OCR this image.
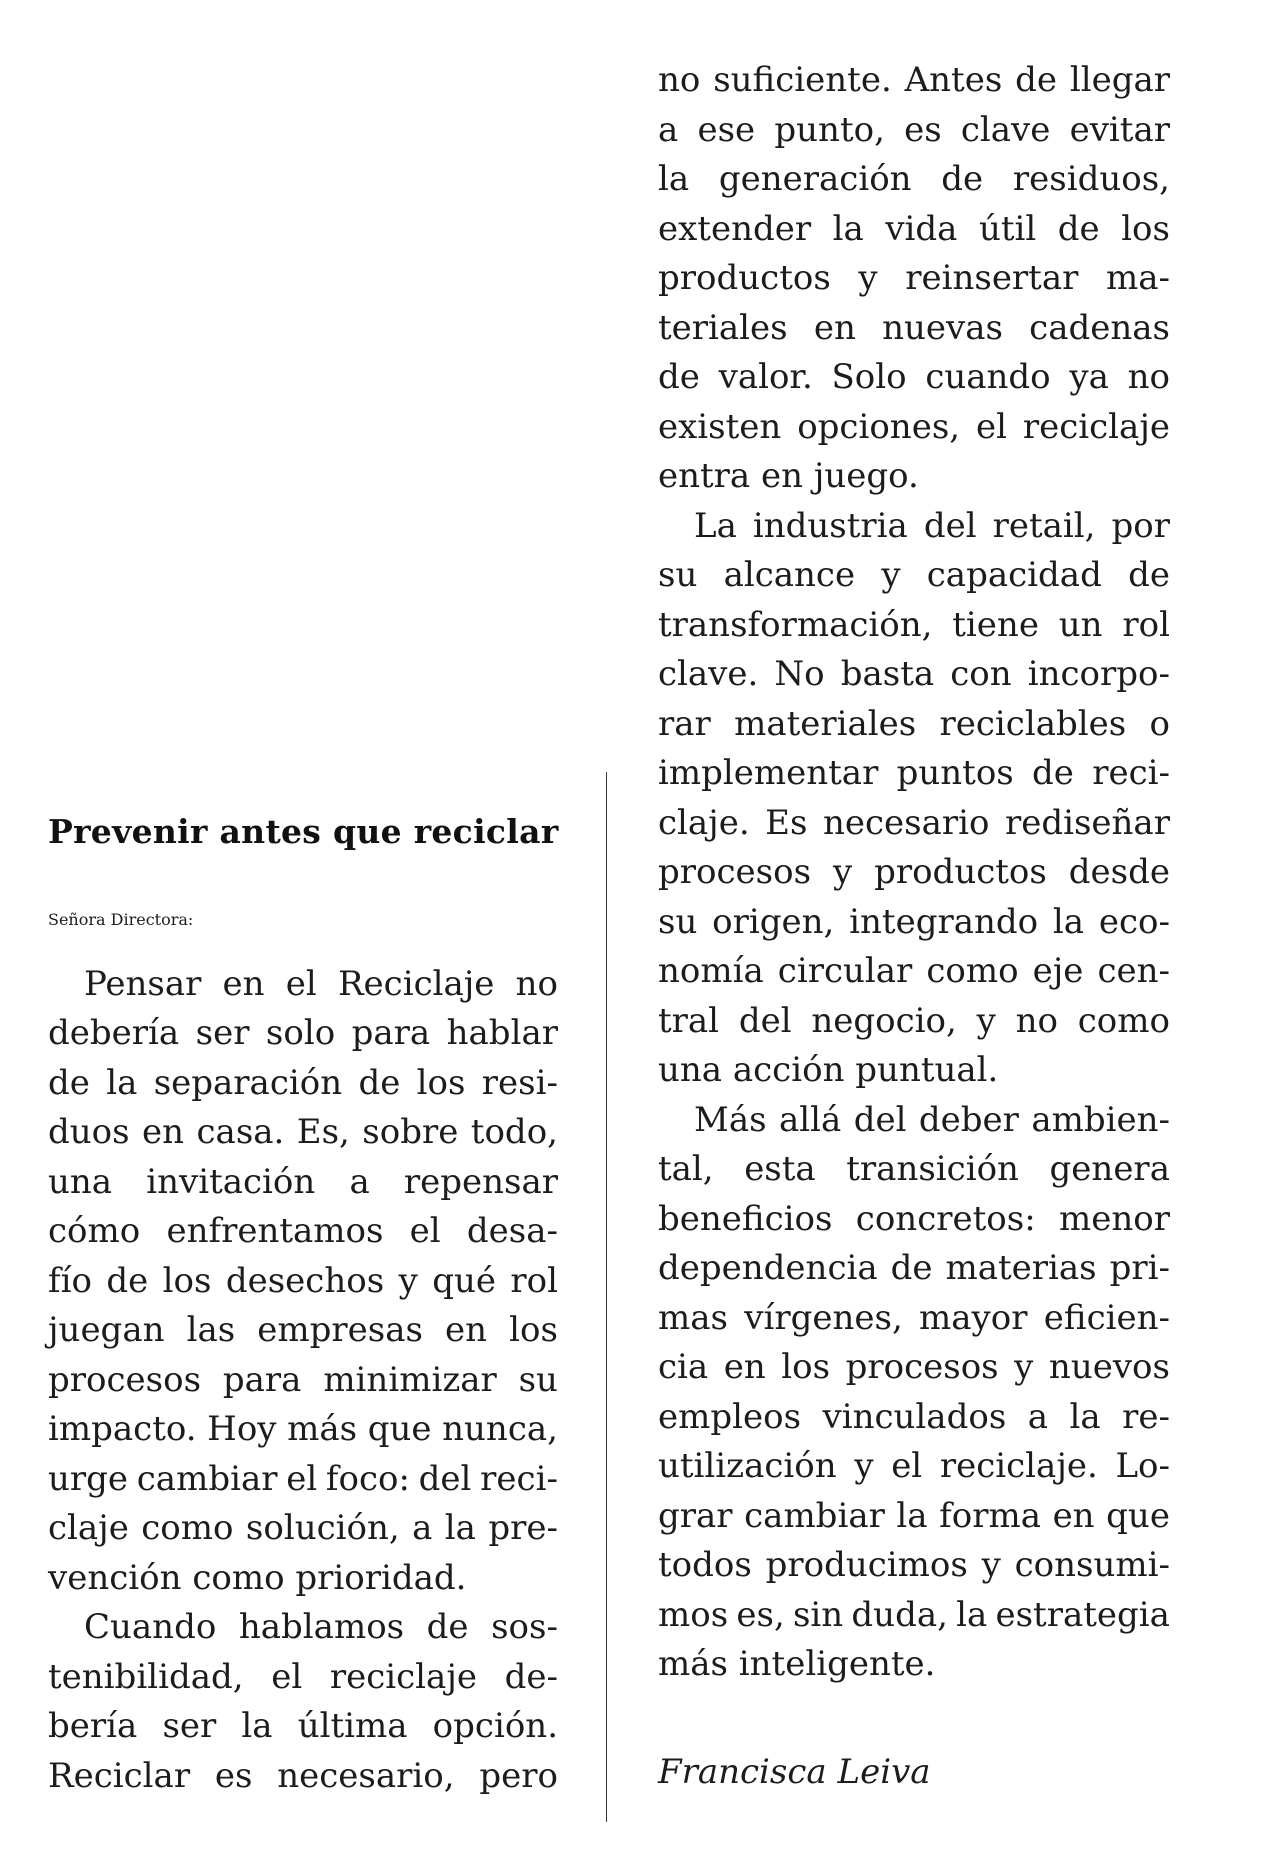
Prevenir antes que reciclar
Señora Directora:
Pensar en el Reciclaje no
debería ser solo para hablar
de la separación de los resi-
duos en casa. Es, sobre todo,
una invitación a repensar
cómo enfrentamos el desa-
fío de los desechos y qué rol
juegan las empresas en los
procesos para minimizar su
impacto. Hoy más que nunca,
urge cambiar el foco: del reci-
claje como solución, a la pre-
vención como prioridad.
Cuando hablamos de sos-
tenibilidad, el reciclaje de-
bería ser la última opción.
Reciclar es necesario, pero
no suficiente. Antes de llegar
a ese punto, es clave evitar
la generación de residuos,
extender la vida útil de los
productos y reinsertar ma-
teriales en nuevas cadenas
de valor. Solo cuando ya no
existen opciones, el reciclaje
entra en juego.
La industria del retail, por
su alcance y capacidad de
transformación, tiene un rol
clave. No basta con incorpo-
rar materiales reciclables o
implementar puntos de reci-
claje. Es necesario rediseñar
procesos y productos desde
su origen, integrando la eco-
nomía circular como eje cen-
tral del negocio, y no como
una acción puntual.
Más allá del deber ambien-
tal, esta transición genera
beneficios concretos: menor
dependencia de materias pri-
mas vírgenes, mayor eficien-
cia en los procesos y nuevos
empleos vinculados a la re-
utilización y el reciclaje. Lo-
grar cambiar la forma en que
todos producimos y consumi-
mos es, sin duda, la estrategia
más inteligente.
Francisca Leiva
